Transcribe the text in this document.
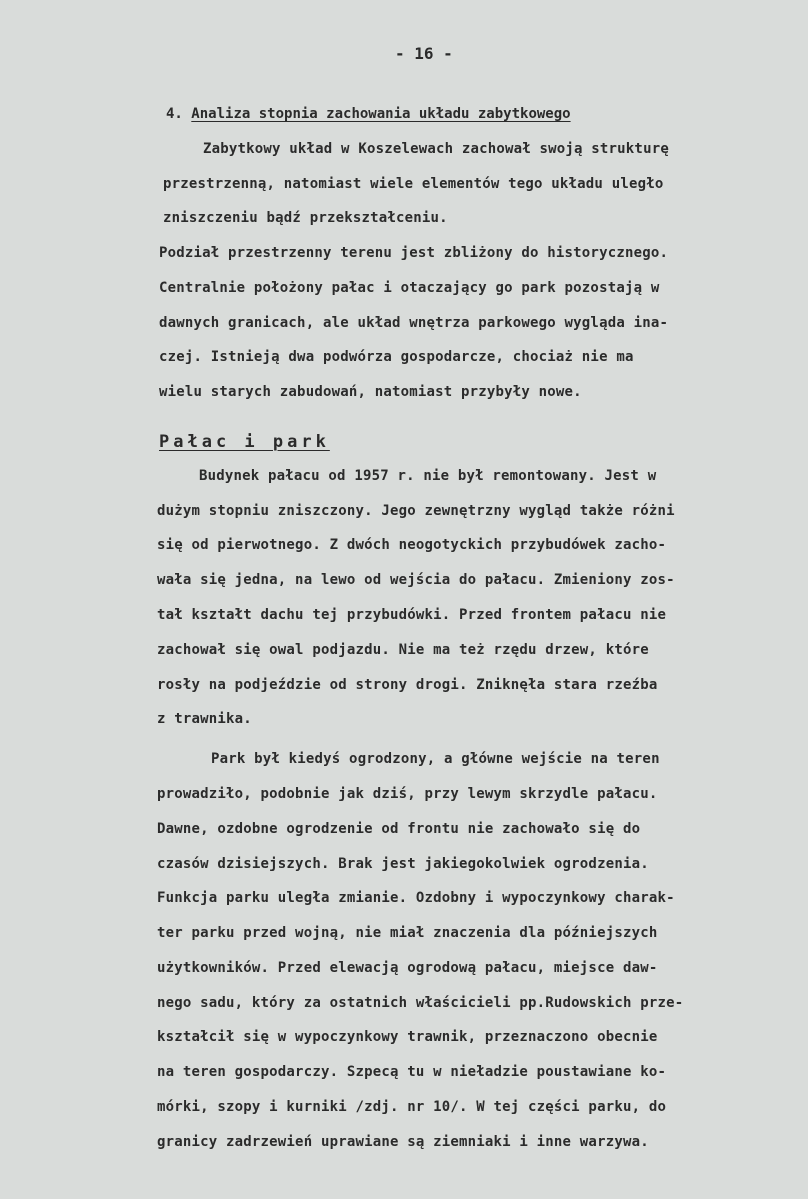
- 16 -
4. Analiza stopnia zachowania układu zabytkowego
Zabytkowy układ w Koszelewach zachował swoją strukturę
przestrzenną, natomiast wiele elementów tego układu uległo
zniszczeniu bądź przekształceniu.
Podział przestrzenny terenu jest zbliżony do historycznego.
Centralnie położony pałac i otaczający go park pozostają w
dawnych granicach, ale układ wnętrza parkowego wygląda ina-
czej. Istnieją dwa podwórza gospodarcze, chociaż nie ma
wielu starych zabudowań, natomiast przybyły nowe.
Pałac i park
Budynek pałacu od 1957 r. nie był remontowany. Jest w
dużym stopniu zniszczony. Jego zewnętrzny wygląd także różni
się od pierwotnego. Z dwóch neogotyckich przybudówek zacho-
wała się jedna, na lewo od wejścia do pałacu. Zmieniony zos-
tał kształt dachu tej przybudówki. Przed frontem pałacu nie
zachował się owal podjazdu. Nie ma też rzędu drzew, które
rosły na podjeździe od strony drogi. Zniknęła stara rzeźba
z trawnika.
Park był kiedyś ogrodzony, a główne wejście na teren
prowadziło, podobnie jak dziś, przy lewym skrzydle pałacu.
Dawne, ozdobne ogrodzenie od frontu nie zachowało się do
czasów dzisiejszych. Brak jest jakiegokolwiek ogrodzenia.
Funkcja parku uległa zmianie. Ozdobny i wypoczynkowy charak-
ter parku przed wojną, nie miał znaczenia dla późniejszych
użytkowników. Przed elewacją ogrodową pałacu, miejsce daw-
nego sadu, który za ostatnich właścicieli pp.Rudowskich prze-
kształcił się w wypoczynkowy trawnik, przeznaczono obecnie
na teren gospodarczy. Szpecą tu w nieładzie poustawiane ko-
mórki, szopy i kurniki /zdj. nr 10/. W tej części parku, do
granicy zadrzewień uprawiane są ziemniaki i inne warzywa.
